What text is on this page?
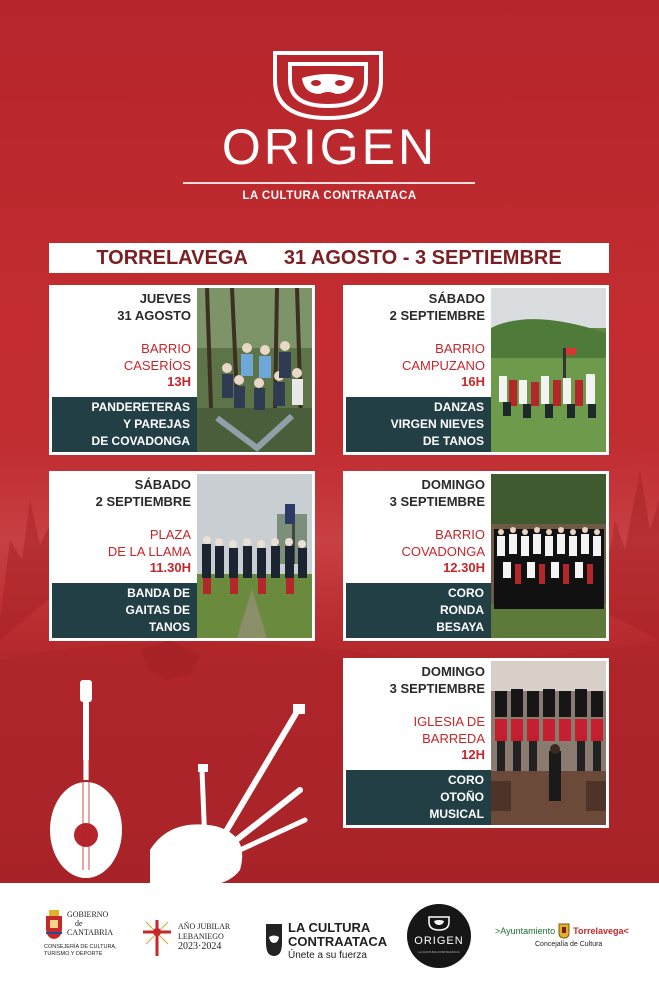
ORIGEN
LA CULTURA CONTRAATACA
TORRELAVEGA 31 AGOSTO - 3 SEPTIEMBRE
JUEVES
31 AGOSTO
BARRIO
CASERÍOS
13H
PANDERETERAS
Y PAREJAS
DE COVADONGA
SÁBADO
2 SEPTIEMBRE
BARRIO
CAMPUZANO
16H
DANZAS
VIRGEN NIEVES
DE TANOS
SÁBADO
2 SEPTIEMBRE
PLAZA
DE LA LLAMA
11.30H
BANDA DE
GAITAS DE
TANOS
DOMINGO
3 SEPTIEMBRE
BARRIO
COVADONGA
12.30H
CORO
RONDA
BESAYA
DOMINGO
3 SEPTIEMBRE
IGLESIA DE
BARREDA
12H
CORO
OTOÑO
MUSICAL
GOBIERNO
de
CANTABRIA
CONSEJERÍA DE CULTURA,
TURISMO Y DEPORTE
AÑO JUBILAR
LEBANIEGO
2023·2024
LA CULTURA
CONTRAATACA
Únete a su fuerza
ORIGEN
LA CULTURA CONTRAATACA
>Ayuntamiento Torrelavega<
Concejalía de Cultura
